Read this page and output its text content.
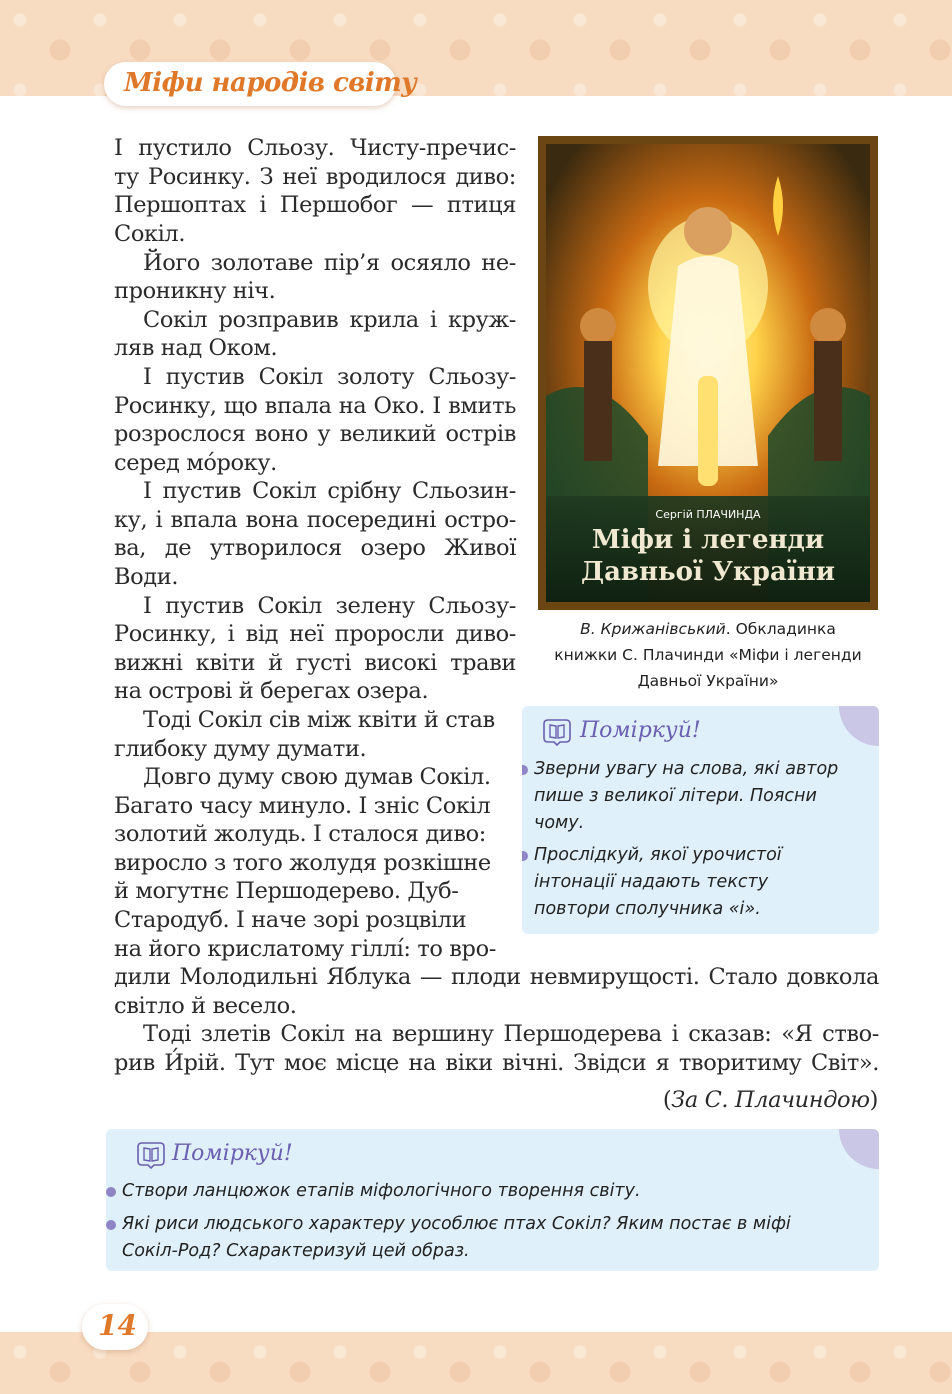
Міфи народів світу

І пустило Сльозу. Чисту-пречис-

ту Росинку. З неї вродилося диво:

Першоптах і Першобог — птиця

Сокіл.

Його золотаве пір’я осяяло не-

проникну ніч.

Сокіл розправив крила і круж-

ляв над Оком.

І пустив Сокіл золоту Сльозу-

Росинку, що впала на Око. І вмить

розрослося воно у великий острів

серед мо́року.

І пустив Сокіл срібну Сльозин-

ку, і впала вона посередині остро-

ва, де утворилося озеро Живої

Води.

І пустив Сокіл зелену Сльозу-

Росинку, і від неї проросли диво-

вижні квіти й густі високі трави

на острові й берегах озера.

Тоді Сокіл сів між квіти й став

глибоку думу думати.

Довго думу свою думав Сокіл.

Багато часу минуло. І зніс Сокіл

золотий жолудь. І сталося диво:

виросло з того жолудя розкішне

й могутнє Першодерево. Дуб-

Стародуб. І наче зорі розцвіли

на його крислатому гіллі́: то вро-

дили Молодильні Яблука — плоди невмирущості. Стало довкола

світло й весело.

Тоді злетів Сокіл на вершину Першодерева і сказав: «Я ство-

рив И́рій. Тут моє місце на віки вічні. Звідси я творитиму Світ».

(За С. Плачиндою)
Сергій ПЛАЧИНДА
Міфи і легенди
Давньої України
В. Крижанівський. Обкладинка
книжки С. Плачинди «Міфи і легенди
Давньої України»
Поміркуй!
Зверни увагу на слова, які автор
пише з великої літери. Поясни
чому.
Прослідкуй, якої урочистої
інтонації надають тексту
повтори сполучника «і».
Поміркуй!
Створи ланцюжок етапів міфологічного творення світу.
Які риси людського характеру уособлює птах Сокіл? Яким постає в міфі
Сокіл-Род? Схарактеризуй цей образ.
14
